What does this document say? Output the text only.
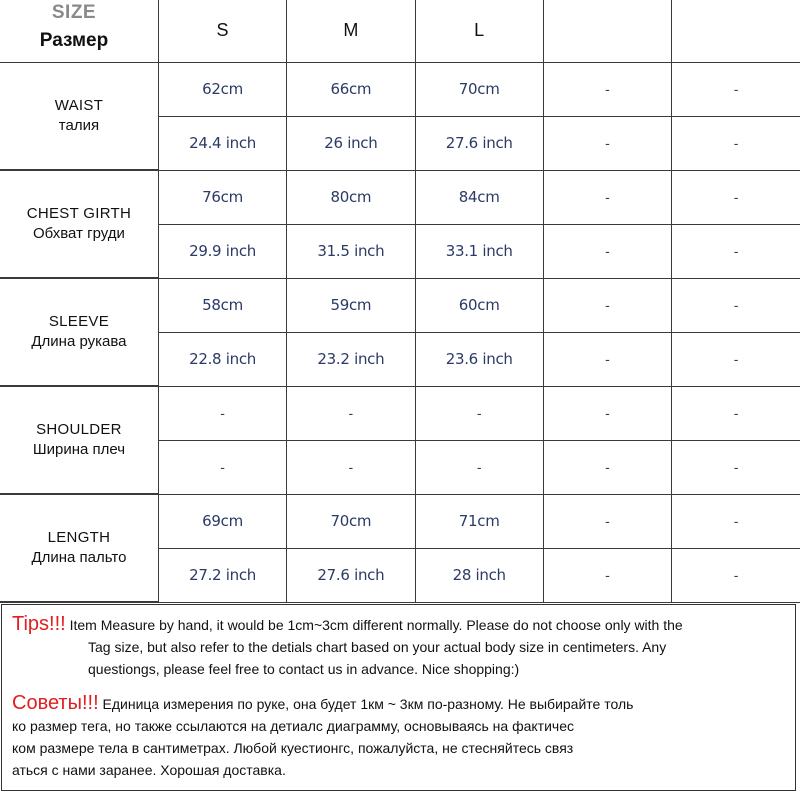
SIZE
Размер	S	M	L		

WAIST
талия	62cm	66cm	70cm	-	-
	24.4 inch	26 inch	27.6 inch	-	-

CHEST GIRTH
Обхват груди	76cm	80cm	84cm	-	-
	29.9 inch	31.5 inch	33.1 inch	-	-

SLEEVE
Длина рукава	58cm	59cm	60cm	-	-
	22.8 inch	23.2 inch	23.6 inch	-	-

SHOULDER
Ширина плеч	-	-	-	-	-
	-	-	-	-	-

LENGTH
Длина пальто	69cm	70cm	71cm	-	-
	27.2 inch	27.6 inch	28 inch	-	-
Tips!!! Item Measure by hand, it would be 1cm~3cm different normally. Please do not choose only with the
Tag size, but also refer to the detials chart based on your actual body size in centimeters. Any
questiongs, please feel free to contact us in advance. Nice shopping:)
Советы!!! Единица измерения по руке, она будет 1км ~ 3км по-разному. Не выбирайте толь
ко размер тега, но также ссылаются на детиалс диаграмму, основываясь на фактичес
ком размере тела в сантиметрах. Любой куестионгс, пожалуйста, не стесняйтесь связ
аться с нами заранее. Хорошая доставка.
